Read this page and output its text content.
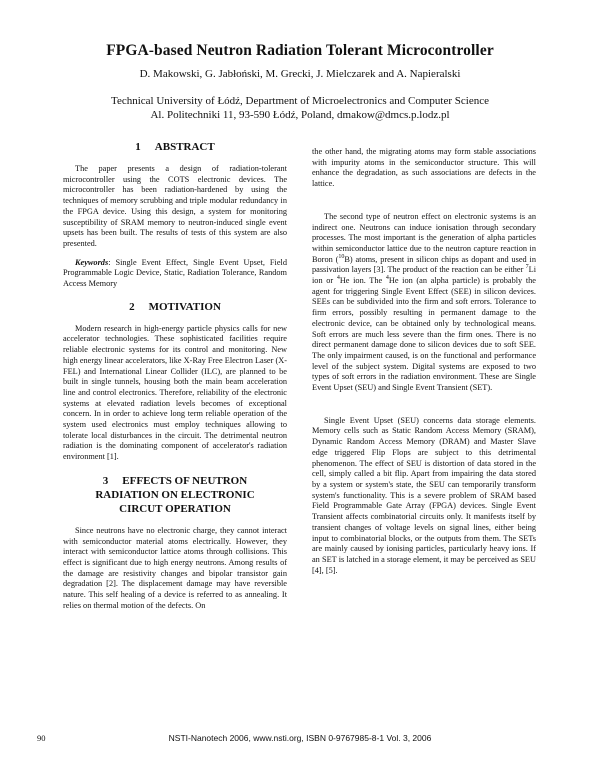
FPGA-based Neutron Radiation Tolerant Microcontroller
D. Makowski, G. Jabłoński, M. Grecki, J. Mielczarek and A. Napieralski
Technical University of Łódź, Department of Microelectronics and Computer Science
Al. Politechniki 11, 93-590 Łódź, Poland, dmakow@dmcs.p.lodz.pl
1 ABSTRACT

The paper presents a design of radiation-tolerant microcontroller using the COTS electronic devices. The microcontroller has been radiation-hardened by using the techniques of memory scrubbing and triple modular redundancy in the FPGA device. Using this design, a system for monitoring susceptibility of SRAM memory to neutron-induced single event upsets has been built. The results of tests of this system are also presented.

Keywords: Single Event Effect, Single Event Upset, Field Programmable Logic Device, Static, Radiation Tolerance, Random Access Memory

2 MOTIVATION

Modern research in high-energy particle physics calls for new accelerator technologies. These sophisticated facilities require reliable electronic systems for its control and monitoring. New high energy linear accelerators, like X-Ray Free Electron Laser (X-FEL) and International Linear Collider (ILC), are planned to be built in single tunnels, housing both the main beam acceleration line and control electronics. Therefore, reliability of the electronic systems at elevated radiation levels becomes of exceptional concern. In in order to achieve long term reliable operation of the system used electronics must employ techniques allowing to tolerate local disturbances in the circuit. The detrimental neutron radiation is the dominating component of accelerator's radiation environment [1].

3 EFFECTS OF NEUTRON
RADIATION ON ELECTRONIC
CIRCUT OPERATION

Since neutrons have no electronic charge, they cannot interact with semiconductor material atoms electrically. However, they interact with semiconductor lattice atoms through collisions. This effect is significant due to high energy neutrons. Among results of the damage are resistivity changes and bipolar transistor gain degradation [2]. The displacement damage may have reversible nature. This self healing of a device is referred to as annealing. It relies on thermal motion of the defects. On

the other hand, the migrating atoms may form stable associations with impurity atoms in the semiconductor structure. This will enhance the degradation, as such associations are defects in the lattice.

The second type of neutron effect on electronic systems is an indirect one. Neutrons can induce ionisation through secondary processes. The most important is the generation of alpha particles within semiconductor lattice due to the neutron capture reaction in Boron ($^{10}$B) atoms, present in silicon chips as dopant and used in passivation layers [3]. The product of the reaction can be either $^7$Li ion or $^4$He ion. The $^4$He ion (an alpha particle) is probably the agent for triggering Single Event Effect (SEE) in silicon devices. SEEs can be subdivided into the firm and soft errors. Tolerance to firm errors, possibly resulting in permanent damage to the electronic device, can be obtained only by technological means. Soft errors are much less severe than the firm ones. There is no direct permanent damage done to silicon devices due to soft SEE. The only impairment caused, is on the functional and performance level of the subject system. Digital systems are exposed to two types of soft errors in the radiation environment. These are Single Event Upset (SEU) and Single Event Transient (SET).

Single Event Upset (SEU) concerns data storage elements. Memory cells such as Static Random Access Memory (SRAM), Dynamic Random Access Memory (DRAM) and Master Slave edge triggered Flip Flops are subject to this detrimental phenomenon. The effect of SEU is distortion of data stored in the cell, simply called a bit flip. Apart from impairing the data stored by a system or system's state, the SEU can temporarily transform system's functionality. This is a severe problem of SRAM based Field Programmable Gate Array (FPGA) devices. Single Event Transient affects combinatorial circuits only. It manifests itself by transient changes of voltage levels on signal lines, either being input to combinatorial blocks, or the outputs from them. The SETs are mainly caused by ionising particles, particularly heavy ions. If an SET is latched in a storage element, it may be perceived as SEU [4], [5].

90	NSTI-Nanotech 2006, www.nsti.org, ISBN 0-9767985-8-1 Vol. 3, 2006
